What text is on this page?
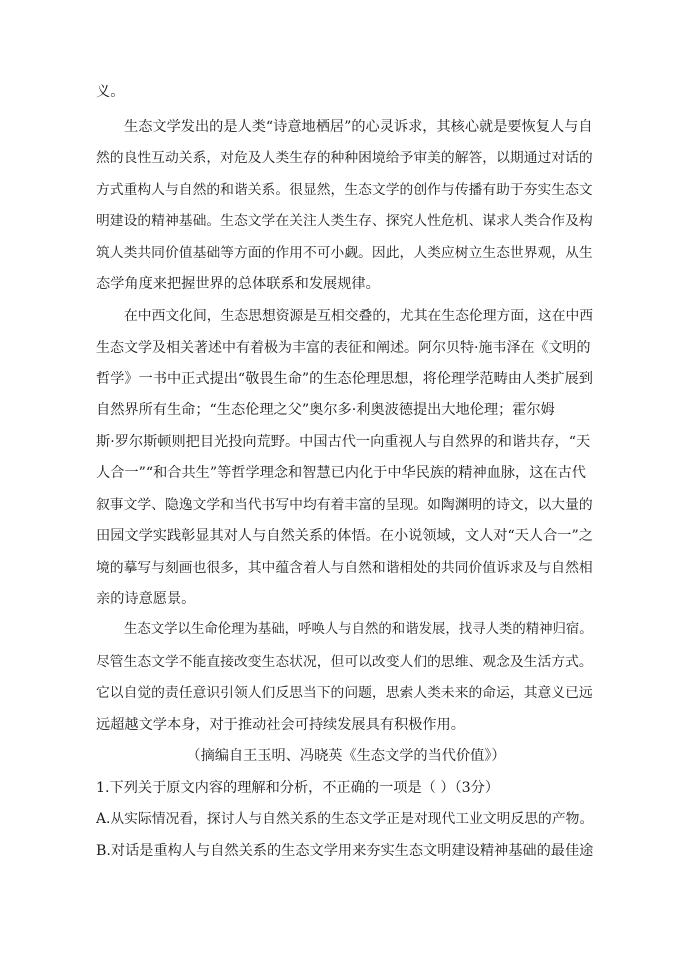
义。
生态文学发出的是人类“诗意地栖居”的心灵诉求，其核心就是要恢复人与自
然的良性互动关系，对危及人类生存的种种困境给予审美的解答，以期通过对话的
方式重构人与自然的和谐关系。很显然，生态文学的创作与传播有助于夯实生态文
明建设的精神基础。生态文学在关注人类生存、探究人性危机、谋求人类合作及构
筑人类共同价值基础等方面的作用不可小觑。因此，人类应树立生态世界观，从生
态学角度来把握世界的总体联系和发展规律。
在中西文化间，生态思想资源是互相交叠的，尤其在生态伦理方面，这在中西
生态文学及相关著述中有着极为丰富的表征和阐述。阿尔贝特·施韦泽在《文明的
哲学》一书中正式提出“敬畏生命”的生态伦理思想，将伦理学范畴由人类扩展到
自然界所有生命；“生态伦理之父”奥尔多·利奥波德提出大地伦理；霍尔姆
斯·罗尔斯顿则把目光投向荒野。中国古代一向重视人与自然界的和谐共存，“天
人合一”“和合共生”等哲学理念和智慧已内化于中华民族的精神血脉，这在古代
叙事文学、隐逸文学和当代书写中均有着丰富的呈现。如陶渊明的诗文，以大量的
田园文学实践彰显其对人与自然关系的体悟。在小说领域，文人对“天人合一”之
境的摹写与刻画也很多，其中蕴含着人与自然和谐相处的共同价值诉求及与自然相
亲的诗意愿景。
生态文学以生命伦理为基础，呼唤人与自然的和谐发展，找寻人类的精神归宿。
尽管生态文学不能直接改变生态状况，但可以改变人们的思维、观念及生活方式。
它以自觉的责任意识引领人们反思当下的问题，思索人类未来的命运，其意义已远
远超越文学本身，对于推动社会可持续发展具有积极作用。
（摘编自王玉明、冯晓英《生态文学的当代价值》）
1.下列关于原文内容的理解和分析，不正确的一项是（ ）（3分）
A.从实际情况看，探讨人与自然关系的生态文学正是对现代工业文明反思的产物。
B.对话是重构人与自然关系的生态文学用来夯实生态文明建设精神基础的最佳途
